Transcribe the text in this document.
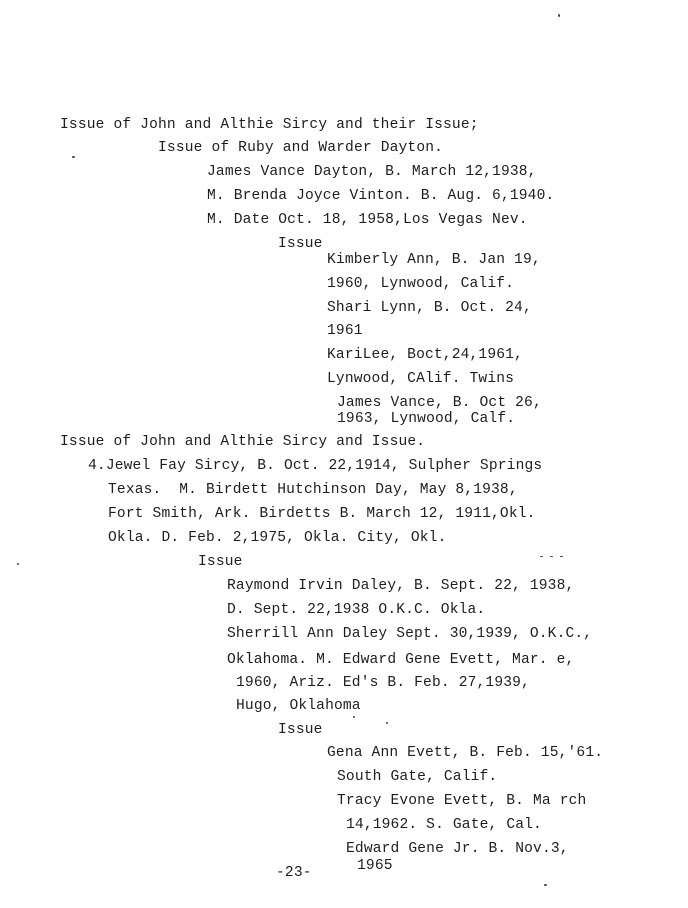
Issue of John and Althie Sircy and their Issue;
Issue of Ruby and Warder Dayton.
James Vance Dayton, B. March 12,1938,
M. Brenda Joyce Vinton. B. Aug. 6,1940.
M. Date Oct. 18, 1958,Los Vegas Nev.
Issue
Kimberly Ann, B. Jan 19,
1960, Lynwood, Calif.
Shari Lynn, B. Oct. 24,
1961
KariLee, Boct,24,1961,
Lynwood, CAlif. Twins
James Vance, B. Oct 26,
1963, Lynwood, Calf.
Issue of John and Althie Sircy and Issue.
4.Jewel Fay Sircy, B. Oct. 22,1914, Sulpher Springs
Texas.  M. Birdett Hutchinson Day, May 8,1938,
Fort Smith, Ark. Birdetts B. March 12, 1911,Okl.
Okla. D. Feb. 2,1975, Okla. City, Okl.
Issue
Raymond Irvin Daley, B. Sept. 22, 1938,
D. Sept. 22,1938 O.K.C. Okla.
Sherrill Ann Daley Sept. 30,1939, O.K.C.,
Oklahoma. M. Edward Gene Evett, Mar. e,
1960, Ariz. Ed's B. Feb. 27,1939,
Hugo, Oklahoma
Issue
Gena Ann Evett, B. Feb. 15,'61.
South Gate, Calif.
Tracy Evone Evett, B. Ma rch
14,1962. S. Gate, Cal.
Edward Gene Jr. B. Nov.3,
1965
-23-
